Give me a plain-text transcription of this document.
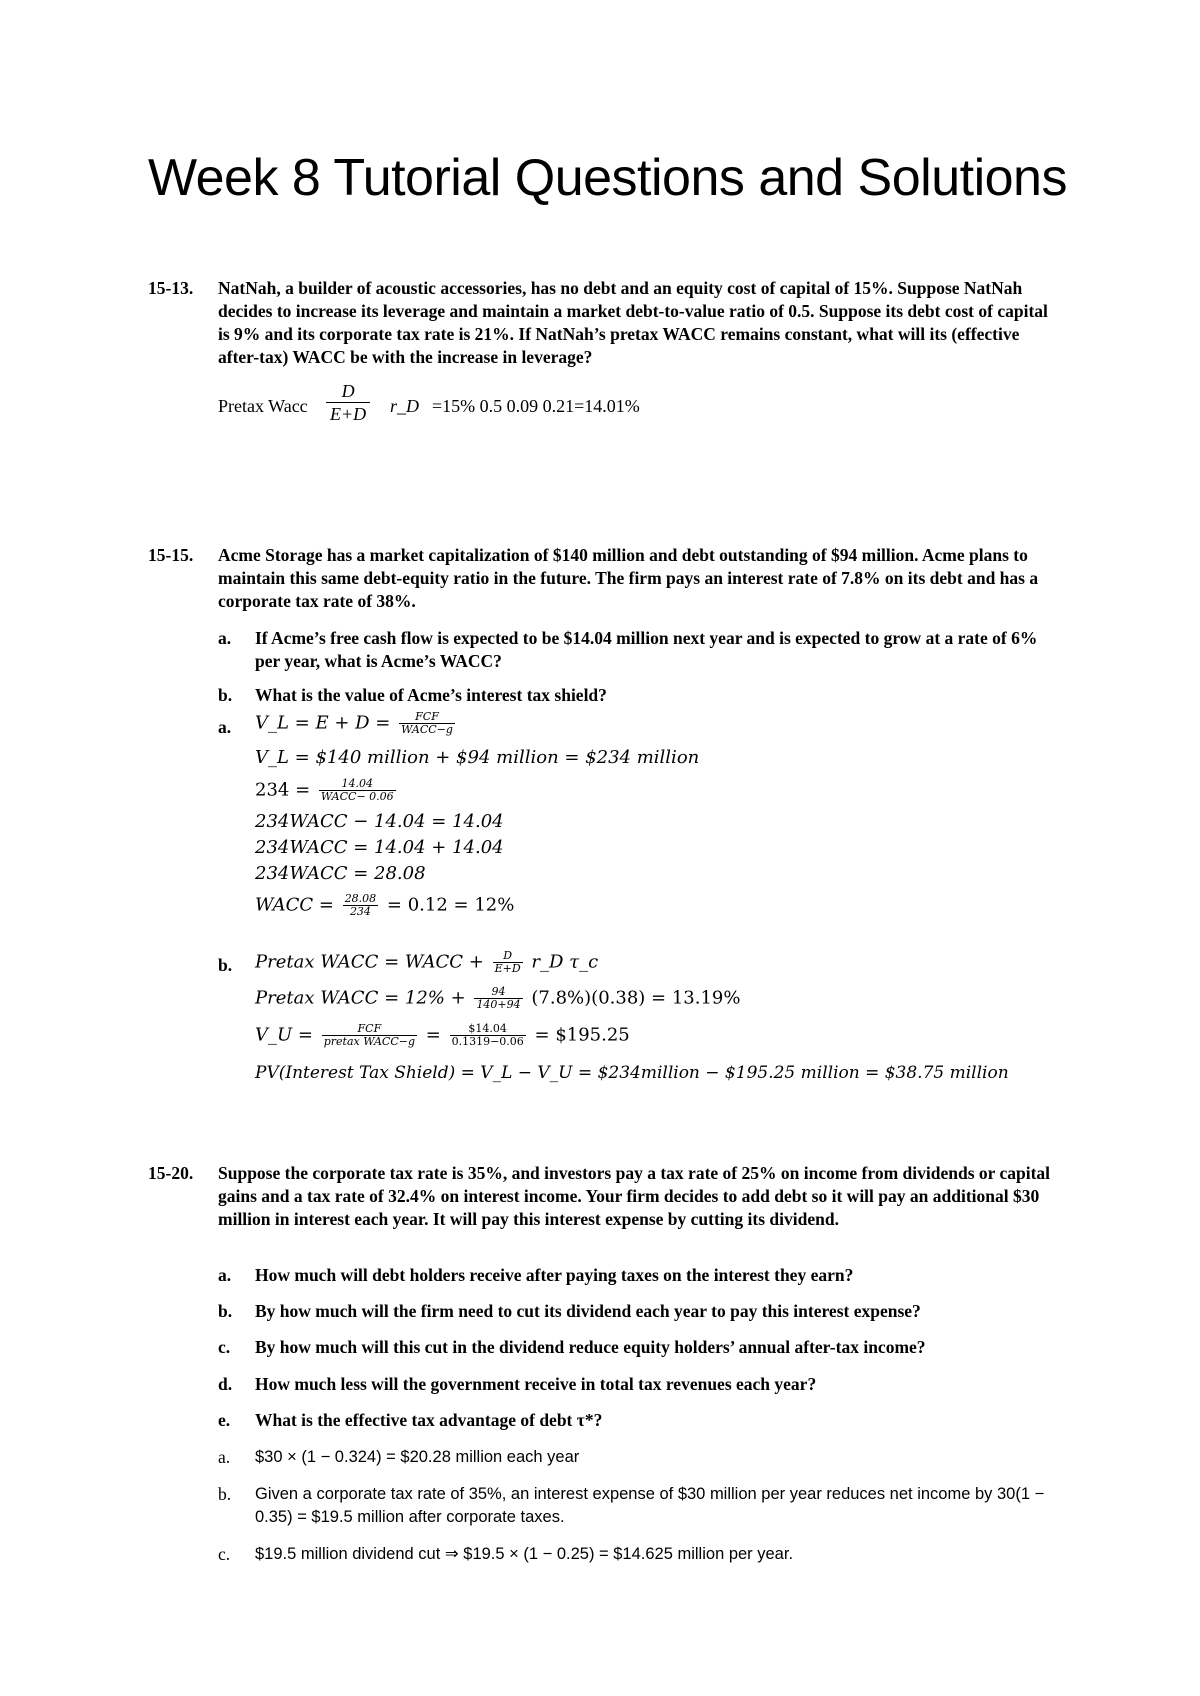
Week 8 Tutorial Questions and Solutions
15-13. NatNah, a builder of acoustic accessories, has no debt and an equity cost of capital of 15%. Suppose NatNah decides to increase its leverage and maintain a market debt-to-value ratio of 0.5. Suppose its debt cost of capital is 9% and its corporate tax rate is 21%. If NatNah’s pretax WACC remains constant, what will its (effective after-tax) WACC be with the increase in leverage?
Pretax Wacc $\frac{D}{E+D}$ r_D =15% 0.5 0.09 0.21=14.01%
15-15. Acme Storage has a market capitalization of $140 million and debt outstanding of $94 million. Acme plans to maintain this same debt-equity ratio in the future. The firm pays an interest rate of 7.8% on its debt and has a corporate tax rate of 38%.
a. If Acme’s free cash flow is expected to be $14.04 million next year and is expected to grow at a rate of 6% per year, what is Acme’s WACC?
b. What is the value of Acme’s interest tax shield?
a. V_L = $E + D = \frac{\text{FCF}}{\text{WACC−g}}$
V_L = $140 million + $94 million = $234 million
$234 = \frac{14.04}{\text{WACC− 0.06}}$
234WACC − 14.04 = 14.04
234WACC = 14.04 + 14.04
234WACC = 28.08
WACC = $\frac{28.08}{234} = 0.12 = 12\%$
b. Pretax WACC = WACC + $\frac{D}{E+D}$ r_D τ_c
Pretax WACC = $12\% + \frac{94}{140+94} (7.8\%)(0.38) = 13.19\%$
V_U = $\frac{\text{FCF}}{\text{pretax WACC−g}} = \frac{\$14.04}{0.1319-0.06}$ = $195.25
PV(Interest Tax Shield) = V_L − V_U = $234million − $195.25 million = $38.75 million
15-20. Suppose the corporate tax rate is 35%, and investors pay a tax rate of 25% on income from dividends or capital gains and a tax rate of 32.4% on interest income. Your firm decides to add debt so it will pay an additional $30 million in interest each year. It will pay this interest expense by cutting its dividend.
a. How much will debt holders receive after paying taxes on the interest they earn?
b. By how much will the firm need to cut its dividend each year to pay this interest expense?
c. By how much will this cut in the dividend reduce equity holders’ annual after-tax income?
d. How much less will the government receive in total tax revenues each year?
e. What is the effective tax advantage of debt τ*?
a. $30 × (1 − 0.324) = $20.28 million each year
b. Given a corporate tax rate of 35%, an interest expense of $30 million per year reduces net income by 30(1 − 0.35) = $19.5 million after corporate taxes.
c. $19.5 million dividend cut ⇒ $19.5 × (1 − 0.25) = $14.625 million per year.
